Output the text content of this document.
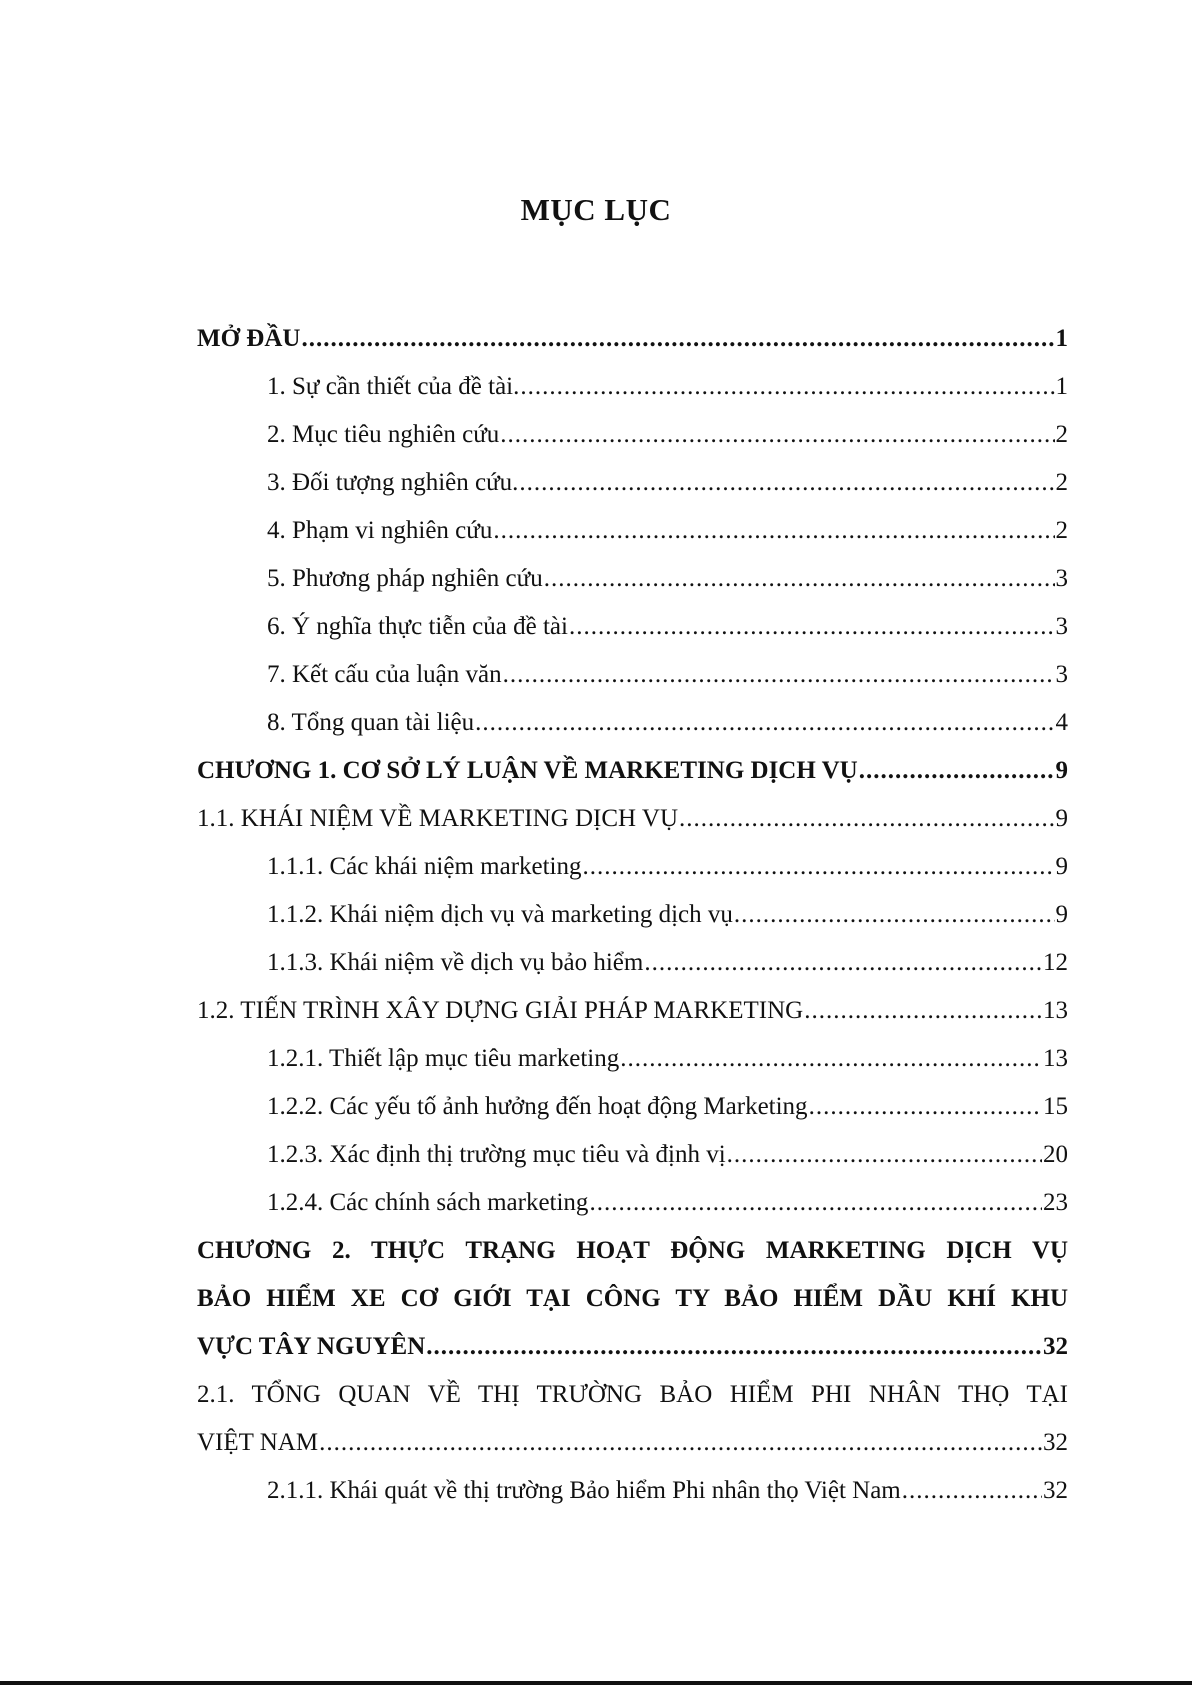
MỤC LỤC
MỞ ĐẦU .....	1
1. Sự cần thiết của đề tài. .....	1
2. Mục tiêu nghiên cứu .....	2
3. Đối tượng nghiên cứu. .....	2
4. Phạm vi nghiên cứu .....	2
5. Phương pháp nghiên cứu .....	3
6. Ý nghĩa thực tiễn của đề tài .....	3
7. Kết cấu của luận văn .....	3
8. Tổng quan tài liệu .....	4
CHƯƠNG 1. CƠ SỞ LÝ LUẬN VỀ MARKETING DỊCH VỤ .....	9
1.1. KHÁI NIỆM VỀ MARKETING DỊCH VỤ .....	9
1.1.1. Các khái niệm marketing .....	9
1.1.2. Khái niệm dịch vụ và marketing dịch vụ .....	9
1.1.3. Khái niệm về dịch vụ bảo hiểm .....	12
1.2. TIẾN TRÌNH XÂY DỰNG GIẢI PHÁP MARKETING .....	13
1.2.1. Thiết lập mục tiêu marketing .....	13
1.2.2. Các yếu tố ảnh hưởng đến hoạt động Marketing .....	15
1.2.3. Xác định thị trường mục tiêu và định vị .....	20
1.2.4. Các chính sách marketing .....	23
CHƯƠNG 2. THỰC TRẠNG HOẠT ĐỘNG MARKETING DỊCH VỤ
BẢO HIỂM XE CƠ GIỚI TẠI CÔNG TY BẢO HIỂM DẦU KHÍ KHU
VỰC TÂY NGUYÊN .....	32
2.1. TỔNG QUAN VỀ THỊ TRƯỜNG BẢO HIỂM PHI NHÂN THỌ TẠI
VIỆT NAM .....	32
2.1.1. Khái quát về thị trường Bảo hiểm Phi nhân thọ Việt Nam .....	32
